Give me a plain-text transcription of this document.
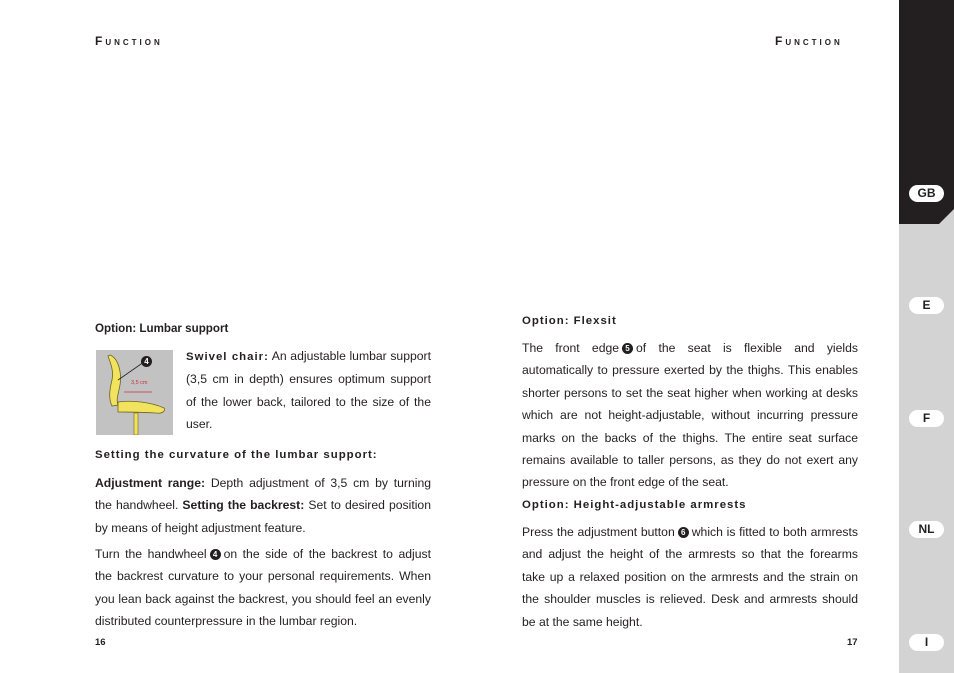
Function	Function
Option: Lumbar support
4
3,5 cm
Swivel chair: An adjustable lumbar support (3,5 cm in depth) ensures optimum support of the lower back, tailored to the size of the user.
Setting the curvature of the lumbar support:
Adjustment range: Depth adjustment of 3,5 cm by turning the handwheel. Setting the backrest: Set to desired position by means of height adjustment feature.
Turn the handwheel 4 on the side of the backrest to adjust the backrest curvature to your personal requirements. When you lean back against the backrest, you should feel an evenly distributed counterpressure in the lumbar region.
16
Option: Flexsit
The front edge 5 of the seat is flexible and yields automatically to pressure exerted by the thighs. This enables shorter persons to set the seat higher when working at desks which are not height-adjustable, without incurring pressure marks on the backs of the thighs. The entire seat surface remains available to taller persons, as they do not exert any pressure on the front edge of the seat.
Option: Height-adjustable armrests
Press the adjustment button 6 which is fitted to both armrests and adjust the height of the armrests so that the forearms take up a relaxed position on the armrests and the strain on the shoulder muscles is relieved. Desk and armrests should be at the same height.
17
GB
E
F
NL
I
